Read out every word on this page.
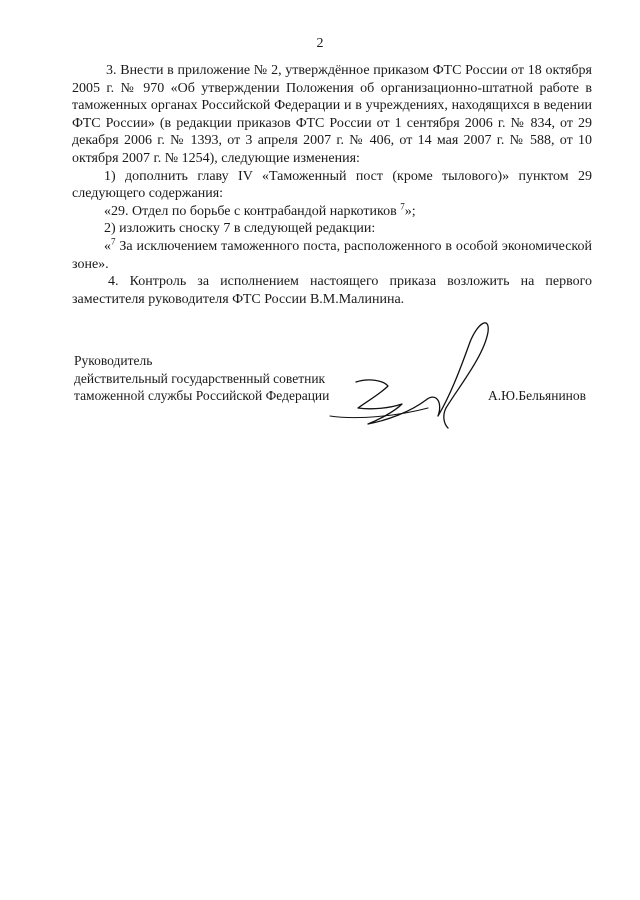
2

3. Внести в приложение № 2, утверждённое приказом ФТС России от 18 октября 2005 г. № 970 «Об утверждении Положения об организационно-штатной работе в таможенных органах Российской Федерации и в учреждениях, находящихся в ведении ФТС России» (в редакции приказов ФТС России от 1 сентября 2006 г. № 834, от 29 декабря 2006 г. № 1393, от 3 апреля 2007 г. № 406, от 14 мая 2007 г. № 588, от 10 октября 2007 г. № 1254), следующие изменения:

1) дополнить главу IV «Таможенный пост (кроме тылового)» пунктом 29 следующего содержания:

«29. Отдел по борьбе с контрабандой наркотиков $^7$»;

2) изложить сноску 7 в следующей редакции:

«$^7$ За исключением таможенного поста, расположенного в особой экономической зоне».

4. Контроль за исполнением настоящего приказа возложить на первого заместителя руководителя ФТС России В.М.Малинина.

Руководитель
действительный государственный советник
таможенной службы Российской Федерации	А.Ю.Бельянинов
